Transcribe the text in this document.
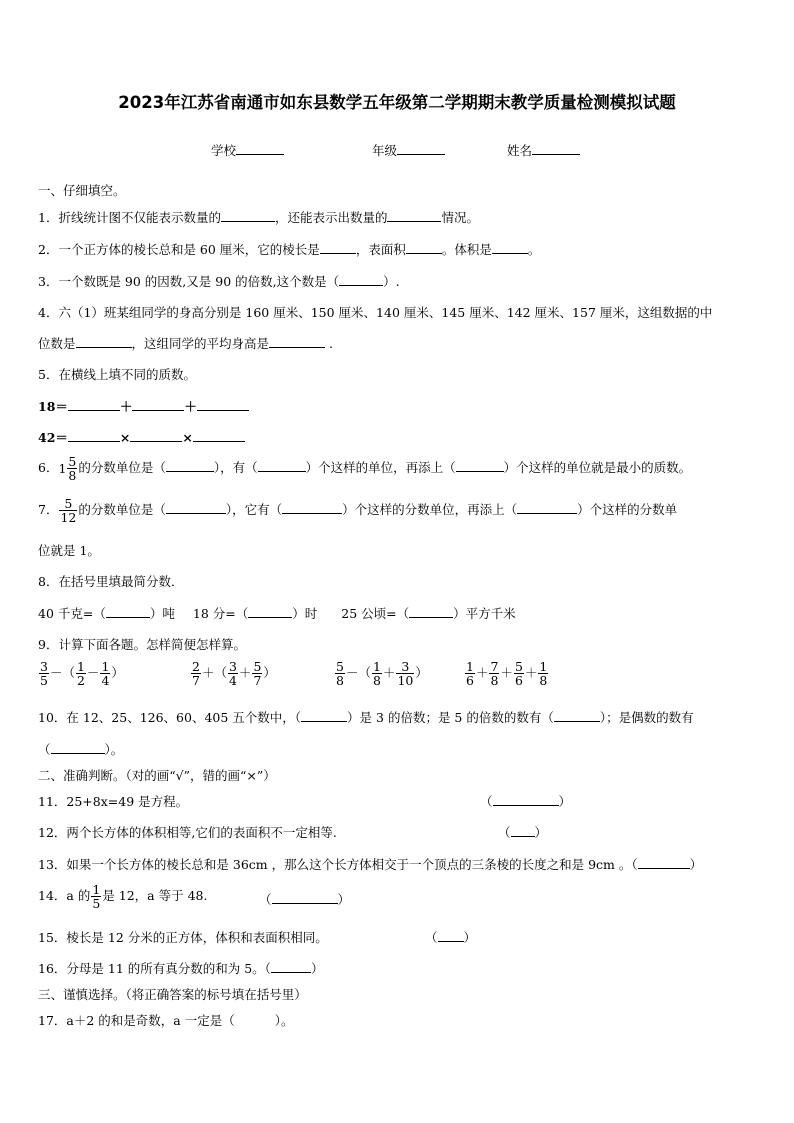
2023年江苏省南通市如东县数学五年级第二学期期末教学质量检测模拟试题
学校	年级	姓名
一、仔细填空。
1．折线统计图不仅能表示数量的	，还能表示出数量的	情况。
2．一个正方体的棱长总和是 60 厘米，它的棱长是	，表面积	。体积是	。
3．一个数既是 90 的因数,又是 90 的倍数,这个数是（	）.
4．六（1）班某组同学的身高分别是 160 厘米、150 厘米、140 厘米、145 厘米、142 厘米、157 厘米，这组数据的中
位数是	，这组同学的平均身高是	.
5．在横线上填不同的质数。
18＝	＋	＋
42＝	×	×
6． $1 \frac{5}{8}$ 的分数单位是（	），有（	）个这样的单位，再添上（	）个这样的单位就是最小的质数。
7． $\frac{5}{12}$ 的分数单位是（	），它有（	）个这样的分数单位，再添上（	）个这样的分数单
位就是 1。
8．在括号里填最简分数．
40 千克=（	）吨 18 分=（	）时 25 公顷=（	）平方千米
9．计算下面各题。怎样简便怎样算。
$\frac{3}{5}$ －（ $\frac{1}{2} - \frac{1}{4}$ ）	$\frac{2}{7}$ ＋（ $\frac{3}{4} + \frac{5}{7}$ ）	$\frac{5}{8}$ －（ $\frac{1}{8} + \frac{3}{10}$ ）	$\frac{1}{6} + \frac{7}{8} + \frac{5}{6} + \frac{1}{8}$
10．在 12、25、126、60、405 五个数中，（	）是 3 的倍数；是 5 的倍数的数有（	）；是偶数的数有
（	）。
二、准确判断。（对的画“√”，错的画“×”）
11．25+8x=49 是方程。	（	）
12．两个长方体的体积相等,它们的表面积不一定相等.	（ ）
13．如果一个长方体的棱长总和是 36cm ，那么这个长方体相交于一个顶点的三条棱的长度之和是 9cm 。（	）
14．a 的 $\frac{1}{5}$ 是 12，a 等于 48.	（	）
15．棱长是 12 分米的正方体，体积和表面积相同。	（ ）
16．分母是 11 的所有真分数的和为 5。（	）
三、谨慎选择。（将正确答案的标号填在括号里）
17．a＋2 的和是奇数，a 一定是（	）。
